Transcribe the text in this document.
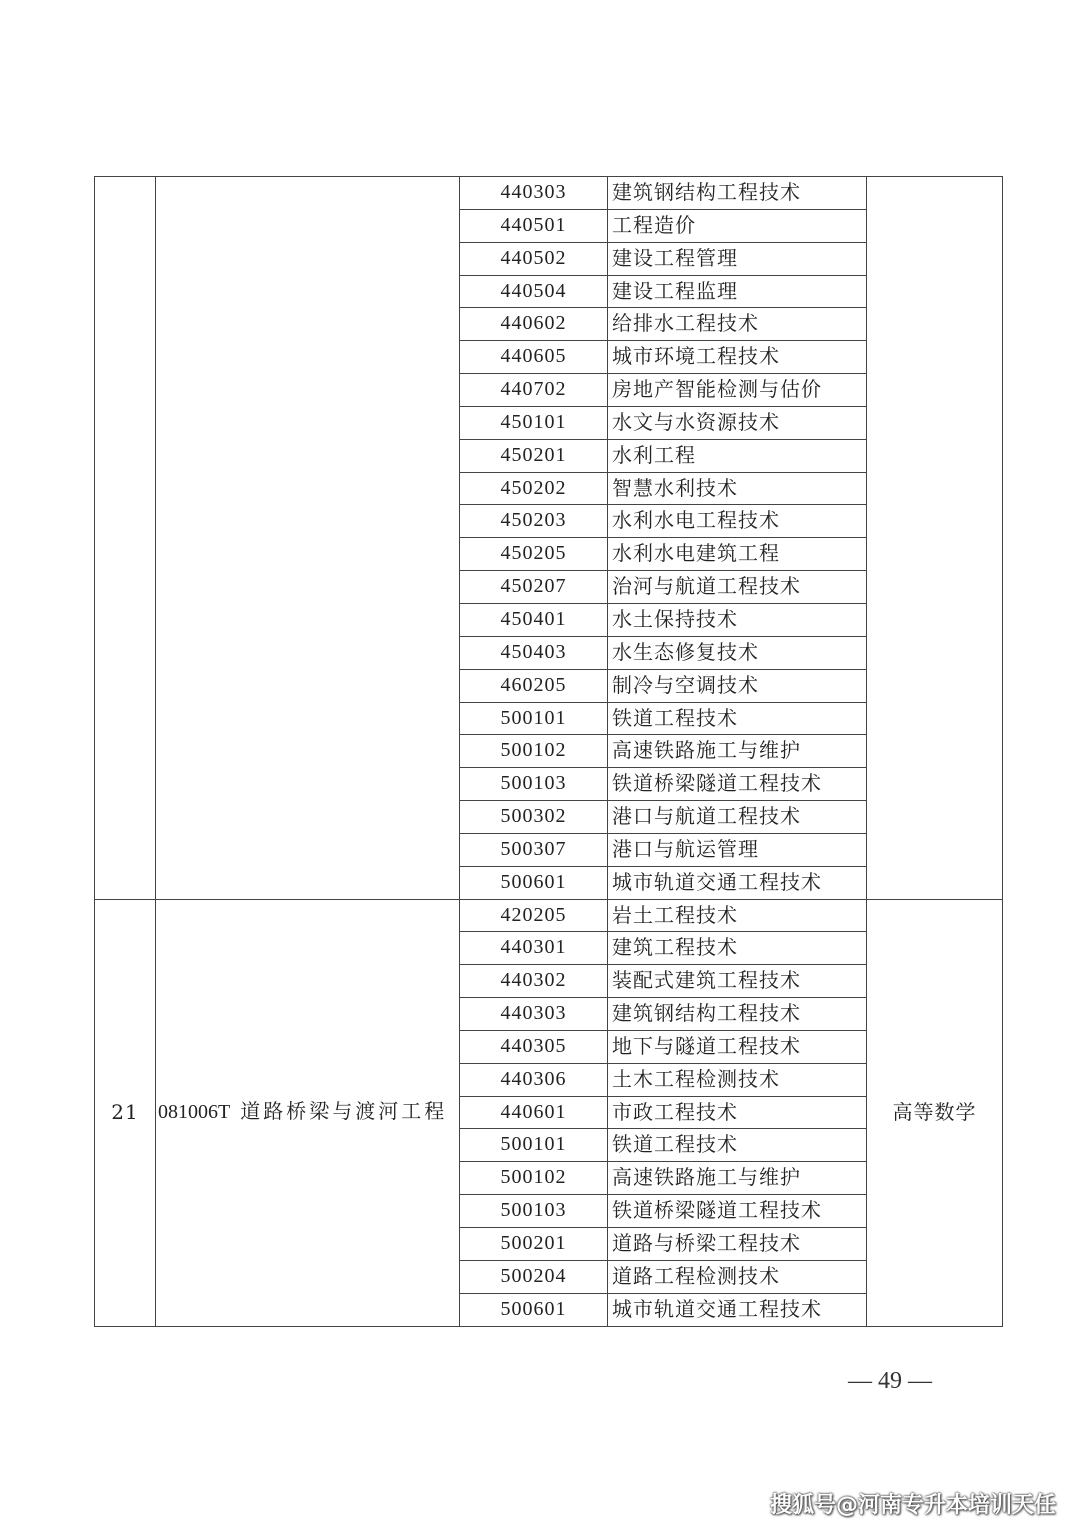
		440303	建筑钢结构工程技术	
		440501	工程造价	
		440502	建设工程管理	
		440504	建设工程监理	
		440602	给排水工程技术	
		440605	城市环境工程技术	
		440702	房地产智能检测与估价	
		450101	水文与水资源技术	
		450201	水利工程	
		450202	智慧水利技术	
		450203	水利水电工程技术	
		450205	水利水电建筑工程	
		450207	治河与航道工程技术	
		450401	水土保持技术	
		450403	水生态修复技术	
		460205	制冷与空调技术	
		500101	铁道工程技术	
		500102	高速铁路施工与维护	
		500103	铁道桥梁隧道工程技术	
		500302	港口与航道工程技术	
		500307	港口与航运管理	
		500601	城市轨道交通工程技术	
21	081006T 道路桥梁与渡河工程	420205	岩土工程技术	高等数学
		440301	建筑工程技术	
		440302	装配式建筑工程技术	
		440303	建筑钢结构工程技术	
		440305	地下与隧道工程技术	
		440306	土木工程检测技术	
		440601	市政工程技术	
		500101	铁道工程技术	
		500102	高速铁路施工与维护	
		500103	铁道桥梁隧道工程技术	
		500201	道路与桥梁工程技术	
		500204	道路工程检测技术	
		500601	城市轨道交通工程技术	
— 49 —
搜狐号@河南专升本培训天任
